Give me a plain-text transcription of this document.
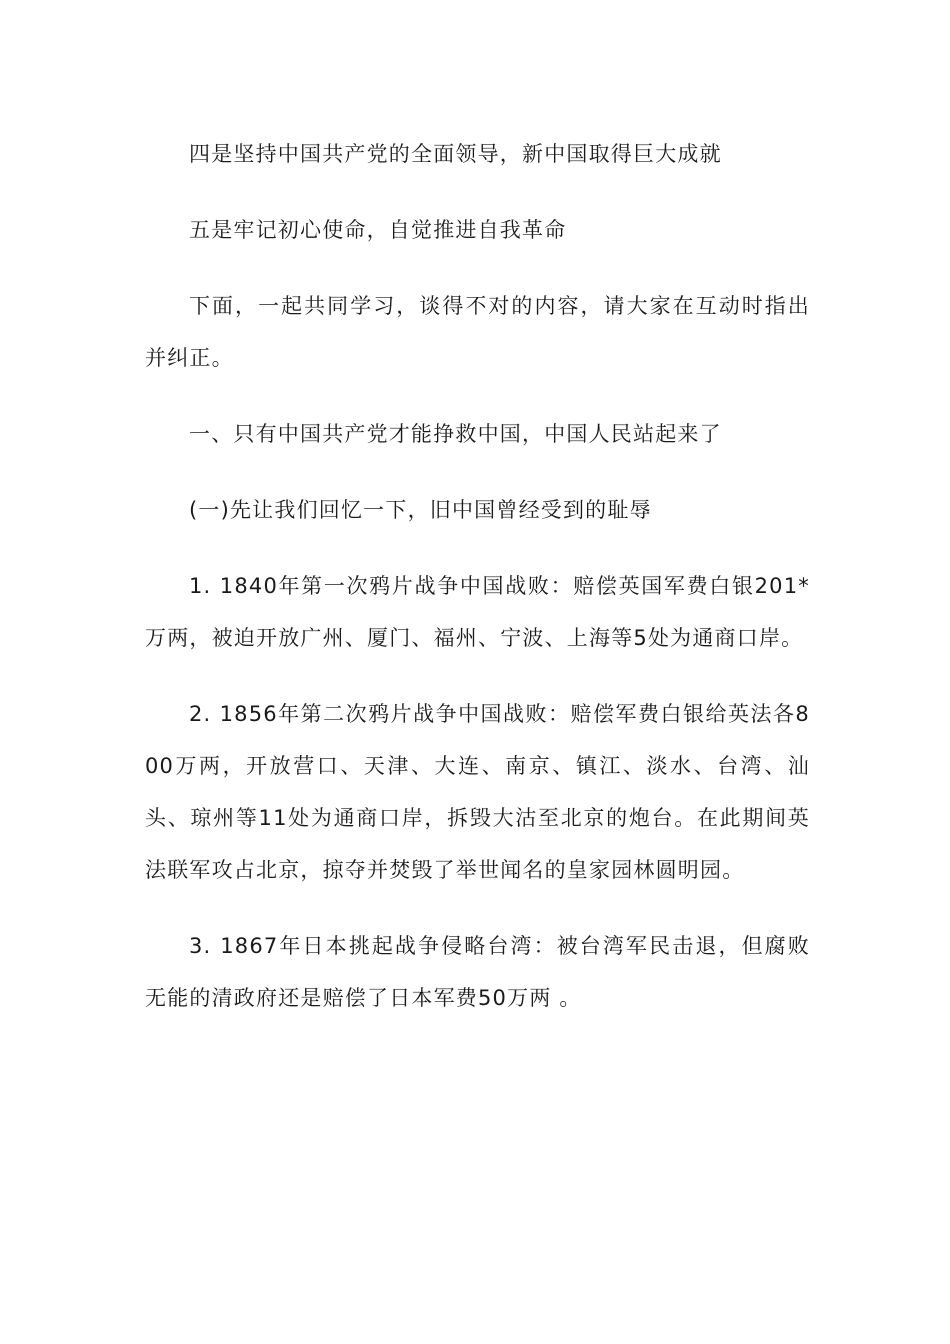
四是坚持中国共产党的全面领导，新中国取得巨大成就

五是牢记初心使命，自觉推进自我革命

下面，一起共同学习，谈得不对的内容，请大家在互动时指出并纠正。

一、只有中国共产党才能挣救中国，中国人民站起来了

(一)先让我们回忆一下，旧中国曾经受到的耻辱

1. 1840年第一次鸦片战争中国战败：赔偿英国军费白银201*万两，被迫开放广州、厦门、福州、宁波、上海等5处为通商口岸。

2. 1856年第二次鸦片战争中国战败：赔偿军费白银给英法各800万两，开放营口、天津、大连、南京、镇江、淡水、台湾、汕头、琼州等11处为通商口岸，拆毁大沽至北京的炮台。在此期间英法联军攻占北京，掠夺并焚毁了举世闻名的皇家园林圆明园。

3. 1867年日本挑起战争侵略台湾：被台湾军民击退，但腐败无能的清政府还是赔偿了日本军费50万两 。
